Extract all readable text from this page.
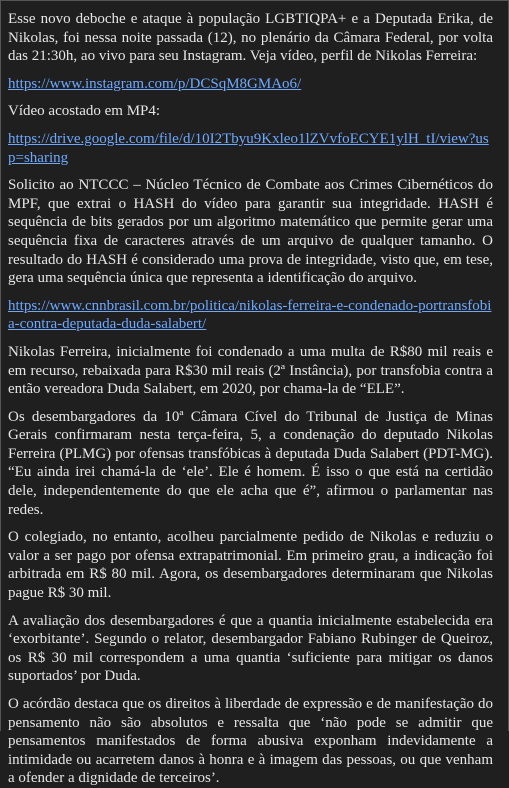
Esse novo deboche e ataque à população LGBTIQPA+ e a Deputada Erika, de Nikolas, foi nessa noite passada (12), no plenário da Câmara Federal, por volta das 21:30h, ao vivo para seu Instagram. Veja vídeo, perfil de Nikolas Ferreira:

https://www.instagram.com/p/DCSqM8GMAo6/

Vídeo acostado em MP4:

https://drive.google.com/file/d/10I2Tbyu9Kxleo1lZVvfoECYE1ylH_tI/view?usp=sharing

Solicito ao NTCCC – Núcleo Técnico de Combate aos Crimes Cibernéticos do MPF, que extrai o HASH do vídeo para garantir sua integridade. HASH é sequência de bits gerados por um algoritmo matemático que permite gerar uma sequência fixa de caracteres através de um arquivo de qualquer tamanho. O resultado do HASH é considerado uma prova de integridade, visto que, em tese, gera uma sequência única que representa a identificação do arquivo.

https://www.cnnbrasil.com.br/politica/nikolas-ferreira-e-condenado-portransfobia-contra-deputada-duda-salabert/

Nikolas Ferreira, inicialmente foi condenado a uma multa de R$80 mil reais e em recurso, rebaixada para R$30 mil reais (2ª Instância), por transfobia contra a então vereadora Duda Salabert, em 2020, por chama-la de “ELE”.

Os desembargadores da 10ª Câmara Cível do Tribunal de Justiça de Minas Gerais confirmaram nesta terça-feira, 5, a condenação do deputado Nikolas Ferreira (PLMG) por ofensas transfóbicas à deputada Duda Salabert (PDT-MG). “Eu ainda irei chamá-la de ‘ele’. Ele é homem. É isso o que está na certidão dele, independentemente do que ele acha que é”, afirmou o parlamentar nas redes.

O colegiado, no entanto, acolheu parcialmente pedido de Nikolas e reduziu o valor a ser pago por ofensa extrapatrimonial. Em primeiro grau, a indicação foi arbitrada em R$ 80 mil. Agora, os desembargadores determinaram que Nikolas pague R$ 30 mil.

A avaliação dos desembargadores é que a quantia inicialmente estabelecida era ‘exorbitante’. Segundo o relator, desembargador Fabiano Rubinger de Queiroz, os R$ 30 mil correspondem a uma quantia ‘suficiente para mitigar os danos suportados’ por Duda.

O acórdão destaca que os direitos à liberdade de expressão e de manifestação do pensamento não são absolutos e ressalta que ‘não pode se admitir que pensamentos manifestados de forma abusiva exponham indevidamente a intimidade ou acarretem danos à honra e à imagem das pessoas, ou que venham a ofender a dignidade de terceiros’.
